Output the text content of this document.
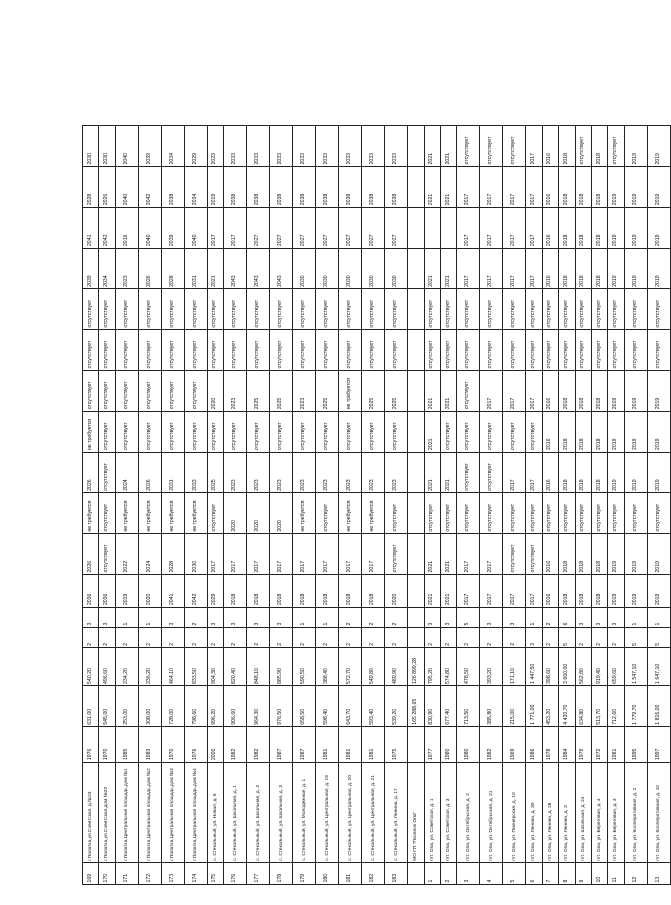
169	г.Палатка,ул.Советская, д.№23	1976	631,00	540,20	2	3	2036	2026	не требуется	2026	не требуется	отсутствует	отсутствует	отсутствует	2039	2041	2028	2030
170	г.Палатка,ул.Советская,дом №20	1970	545,00	496,60	2	3	2036	отсутствует	отсутствует	отсутствует	отсутствует	отсутствует	отсутствует	отсутствует	2034	2042	2026	2030
171	г.Палатка,Центральная площадь,дом №1	1985	253,00	234,20	2	1	2019	2022	не требуется	2024	отсутствует	отсутствует	отсутствует	отсутствует	2023	2016	2040	2040
172	г.Палатка,Центральная площадь,дом №2	1983	308,00	236,20	2	1	2020	2024	не требуется	2026	отсутствует	отсутствует	отсутствует	отсутствует	2026	2040	2042	2039
173	г.Палатка,Центральная площадь,дом №3	1970	728,00	464,10	2	3	2041	2028	не требуется	2031	отсутствует	отсутствует	отсутствует	отсутствует	2028	2039	2038	2034
174	г.Палатка,Центральная площадь,дом №4	1976	798,60	833,50	2	2	2042	2030	не требуется	2033	отсутствует	отсутствует	отсутствует	отсутствует	2031	2040	2034	2029
175	с. Стекольный, ул. Новая, д. 6	2000	996,20	904,30	2	3	2029	2017	отсутствует	2025	отсутствует	2020	отсутствует	отсутствует	2021	2017	2019	2023
176	с. Стекольный, ул. Школьная, д. 1	1982	906,60	820,40	2	3	2018	2017	2020	2023	отсутствует	2023	отсутствует	отсутствует	2043	2017	2038	2033
177	с. Стекольный, ул. Школьная, д. 3	1982	964,30	848,10	2	3	2018	2017	2020	2023	отсутствует	2025	отсутствует	отсутствует	2043	2027	2038	2033
178	с. Стекольный, ул. Школьная, д. 3	1987	976,50	885,90	2	3	2018	2017	2020	2023	отсутствует	2025	отсутствует	отсутствует	2043	2027	2038	2033
179	с. Стекольный, ул. Молодежная, д. 1	1987	658,50	590,50	2	1	2018	2017	не требуется	2023	отсутствует	2023	отсутствует	отсутствует	2030	2027	2038	2033
180	с. Стекольный, ул. Центральная, д. 19	1981	598,40	388,40	2	1	2018	2017	отсутствует	2023	отсутствует	2025	отсутствует	отсутствует	2030	2027	2038	2033
181	с. Стекольный, ул. Центральная, д. 20	1981	643,70	572,70	2	2	2018	2017	не требуется	2023	отсутствует	не требуется	отсутствует	отсутствует	2030	2027	2038	2033
182	с. Стекольный, ул. Центральная, д. 21	1981	593,40	549,80	2	2	2018	2017	не требуется	2023	отсутствует	2025	отсутствует	отсутствует	2030	2027	2038	2033
183	с. Стекольный, ул. Ленина, д. 17	1975	539,20	489,90	2	2	2020	отсутствует	отсутствует	2023	отсутствует	2025	отсутствует	отсутствует	2030	2027	2038	2033
	МО ГП "Поселок Ола"		165 288,65	126 899,28														
1	пгт. Ола, ул. Советская, д. 1	1977	830,90	795,20	2	3	2021	2021	отсутствует	2021	2021	2021	отсутствует	отсутствует	2021		2021	2021
2	пгт. Ола, ул. Советская, д. 3	1980	677,40	574,80	2	3	2021	2021	отсутствует	2021	отсутствует	2021	отсутствует	отсутствует	2021		2021	2021
3	пгт. Ола, ул. Октябрьская, д. 2	1980	713,50	478,50	2	5	2017	2017	отсутствует	отсутствует	отсутствует	отсутствует	отсутствует	отсутствует	2017	2017	2017	отсутствует
4	пгт. Ола, ул. Октябрьская, д. 21	1982	385,80	393,20	2	3	2017	2017	отсутствует	отсутствует	отсутствует	2017	отсутствует	отсутствует	2017	2017	2017	отсутствует
5	пгт. Ола, ул. Пионерская, д. 10	1969	215,00	171,10	2	3	2017	отсутствует	отсутствует	2017	отсутствует	2017	отсутствует	отсутствует	2017	2017	2017	отсутствует
6	пгт. Ола, ул. Ленина, д. 30	1986	1 771,00	1 447,50	3	1	2017	отсутствует	отсутствует	2017	отсутствует	2017	отсутствует	отсутствует	2017	2017	2017	2017
7	пгт. Ола, ул. Ленина, д. 28	1978	453,20	398,60	2	2	2016	2016	отсутствует	2016	2016	2016	отсутствует	отсутствует	2016	2016	2016	2016
8	пгт. Ола, ул. Ленина, д. 3	1984	4 420,70	3 660,00	5	6	2018	2018	отсутствует	2018	2018	2018	отсутствует	отсутствует	2018	2018	2018	2018
9	пгт. Ола, ул. Школьная, д. 24	1979	634,80	562,80	2	3	2018	2018	отсутствует	2018	2018	2018	отсутствует	отсутствует	2018	2018	2018	отсутствует
10	пгт. Ола, ул. Береговая, д. 4	1972	513,70	919,40	2	3	2018	2018	отсутствует	2018	2018	2018	отсутствует	отсутствует	2018	2018	2018	2018
11	пгт. Ола, ул. Береговая, д. 3	1981	712,60	659,60	2	3	2019	2019	отсутствует	2019	2019	2019	отсутствует	отсутствует	2019	2019	2019	отсутствует
12	пгт. Ола, ул. Кооперативная, д. 2	1995	1 779,70	1 547,10	5	1	2019	2019	отсутствует	2019	2019	2019	отсутствует	отсутствует	2019	2019	2019	2019
13	пгт. Ола, ул. Кооперативная, д. 10	1997	1 816,00	1 647,10	5	1	2019	2019	отсутствует	2019	2019	2019	отсутствует	отсутствует	2019	2019	2019	2019
